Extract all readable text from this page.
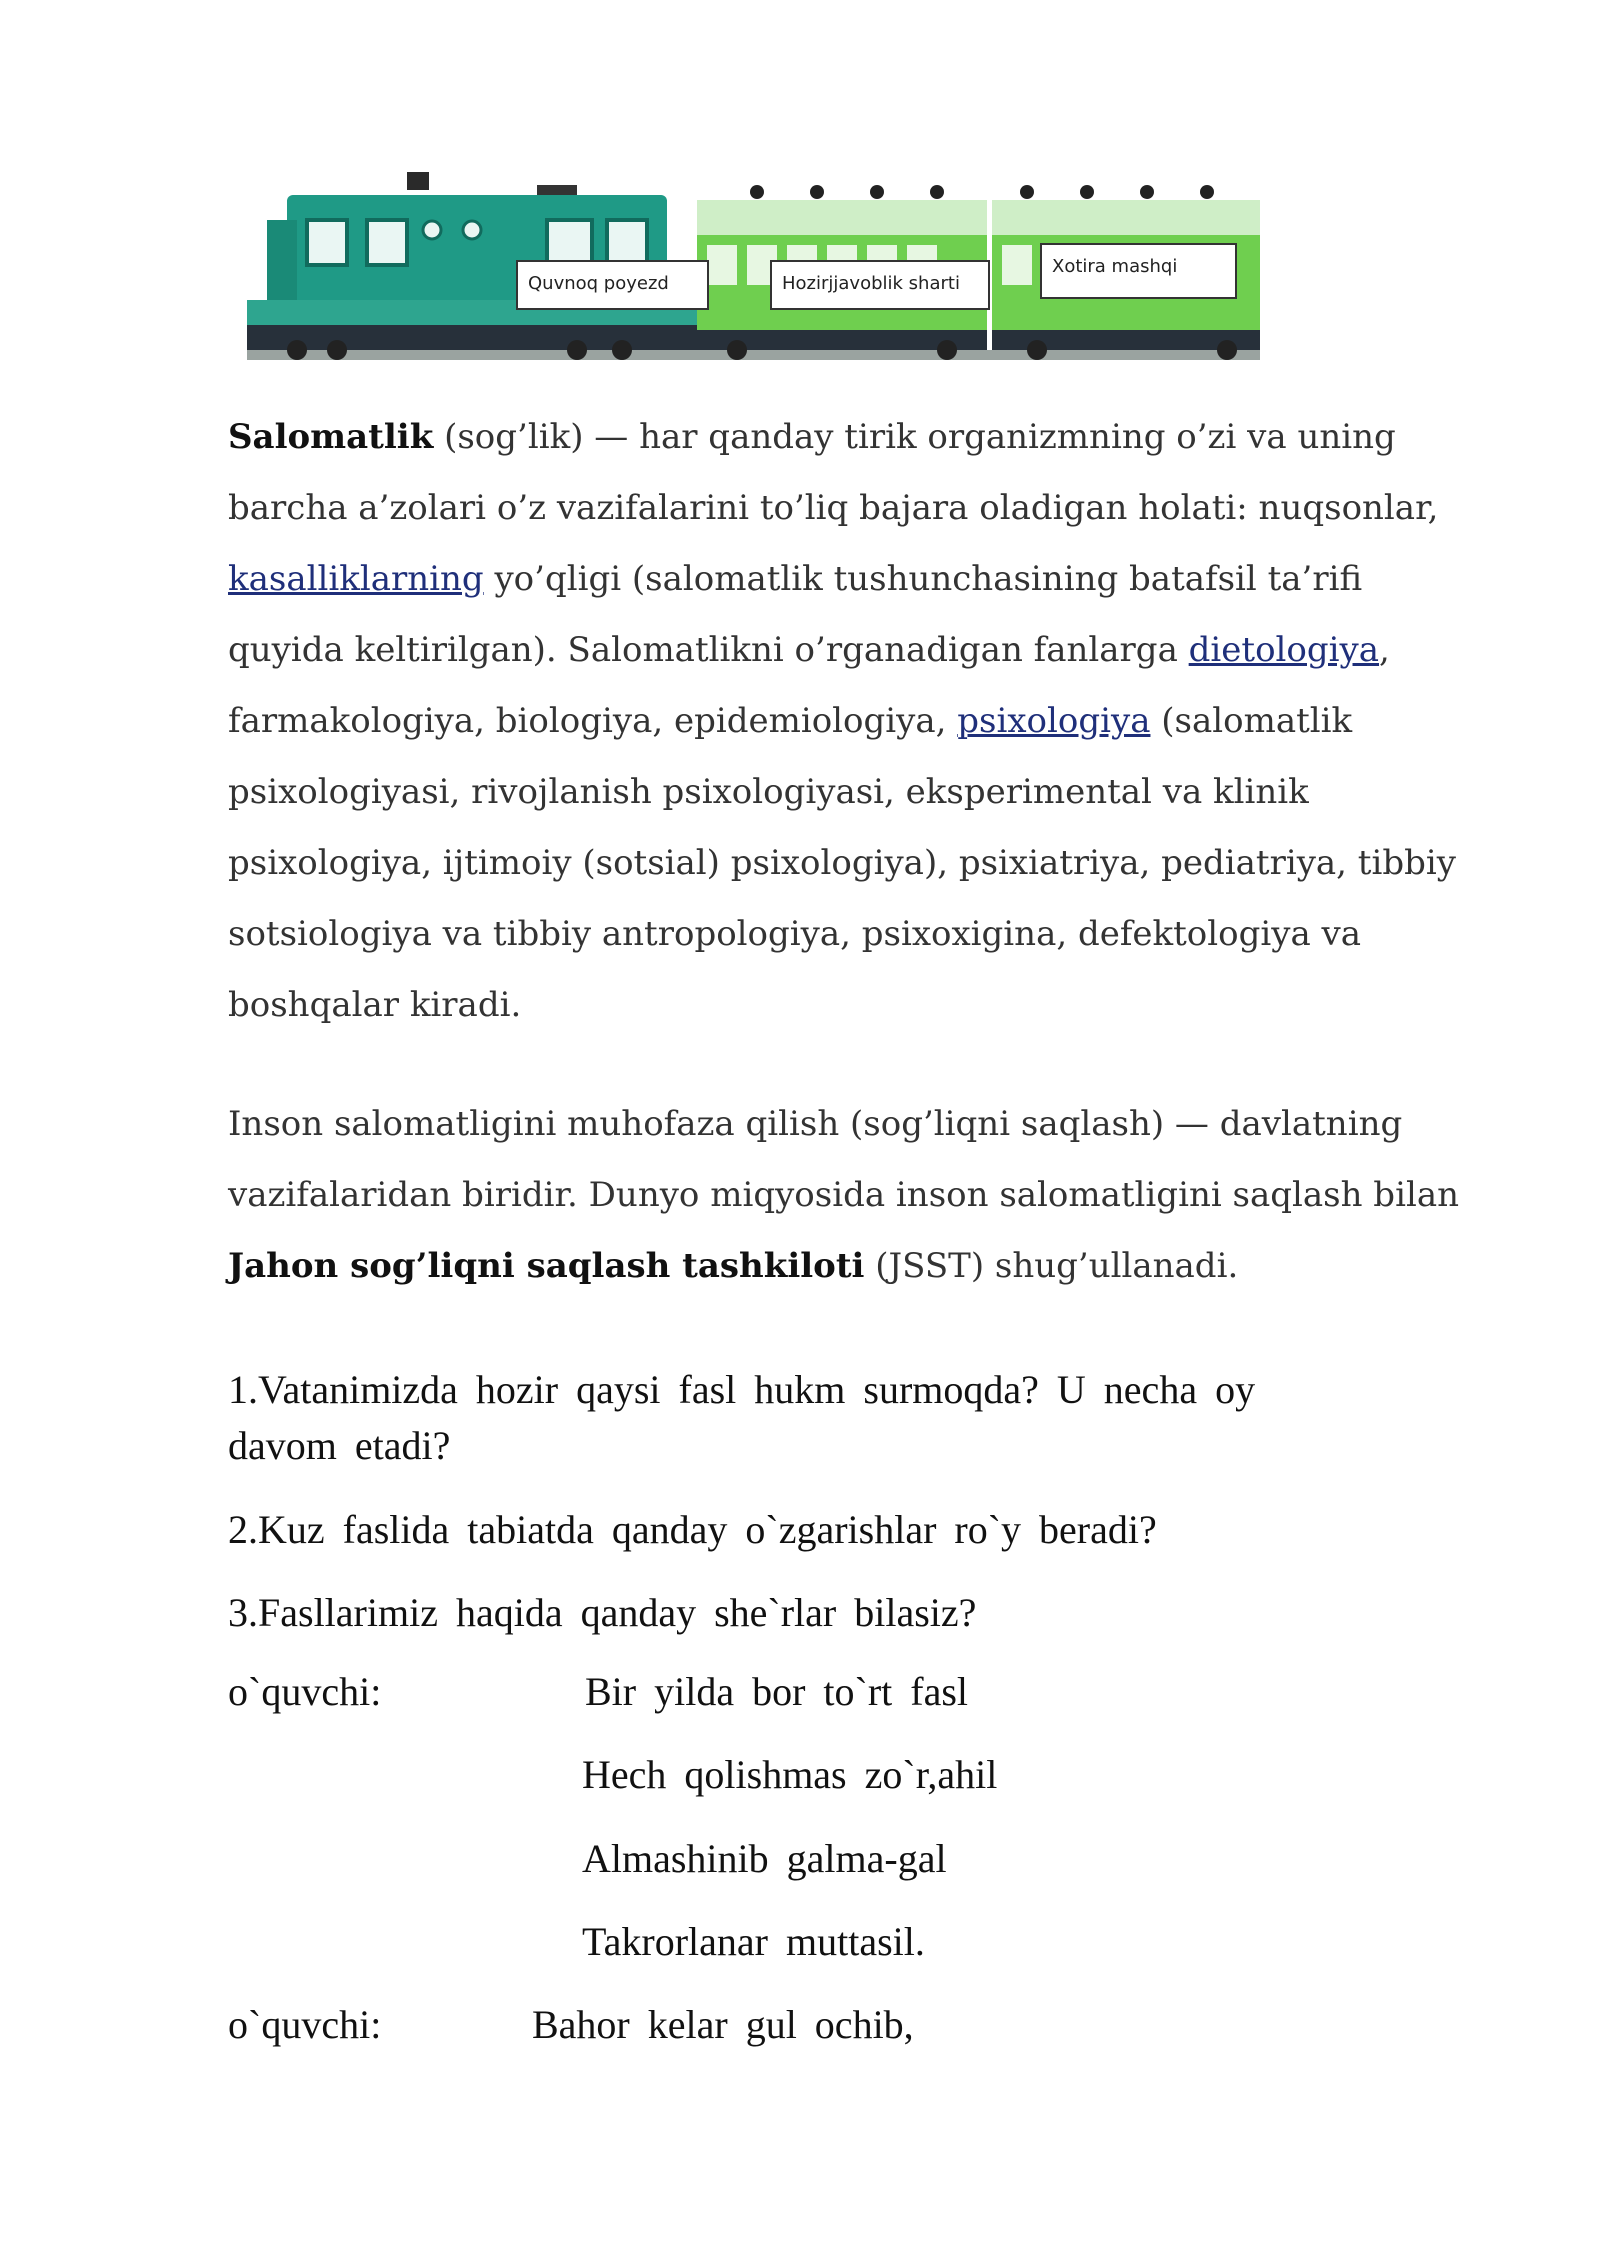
Quvnoq poyezd	Hozirjjavoblik sharti
Xotira mashqi

Salomatlik (sog’lik) — har qanday tirik organizmning o’zi va uning barcha a’zolari o’z vazifalarini to’liq bajara oladigan holati: nuqsonlar, kasalliklarning yo’qligi (salomatlik tushunchasining batafsil ta’rifi quyida keltirilgan). Salomatlikni o’rganadigan fanlarga dietologiya, farmakologiya, biologiya, epidemiologiya, psixologiya (salomatlik psixologiyasi, rivojlanish psixologiyasi, eksperimental va klinik psixologiya, ijtimoiy (sotsial) psixologiya), psixiatriya, pediatriya, tibbiy sotsiologiya va tibbiy antropologiya, psixoxigina, defektologiya va boshqalar kiradi.

Inson salomatligini muhofaza qilish (sog’liqni saqlash) — davlatning vazifalaridan biridir. Dunyo miqyosida inson salomatligini saqlash bilan Jahon sog’liqni saqlash tashkiloti (JSST) shug’ullanadi.

1.Vatanimizda hozir qaysi fasl hukm surmoqda? U necha oy davom etadi?

2.Kuz faslida tabiatda qanday o`zgarishlar ro`y beradi?

3.Fasllarimiz haqida qanday she`rlar bilasiz?

o`quvchi:	Bir yilda bor to`rt fasl

Hech qolishmas zo`r,ahil

Almashinib galma-gal

Takrorlanar muttasil.

o`quvchi:	Bahor kelar gul ochib,
